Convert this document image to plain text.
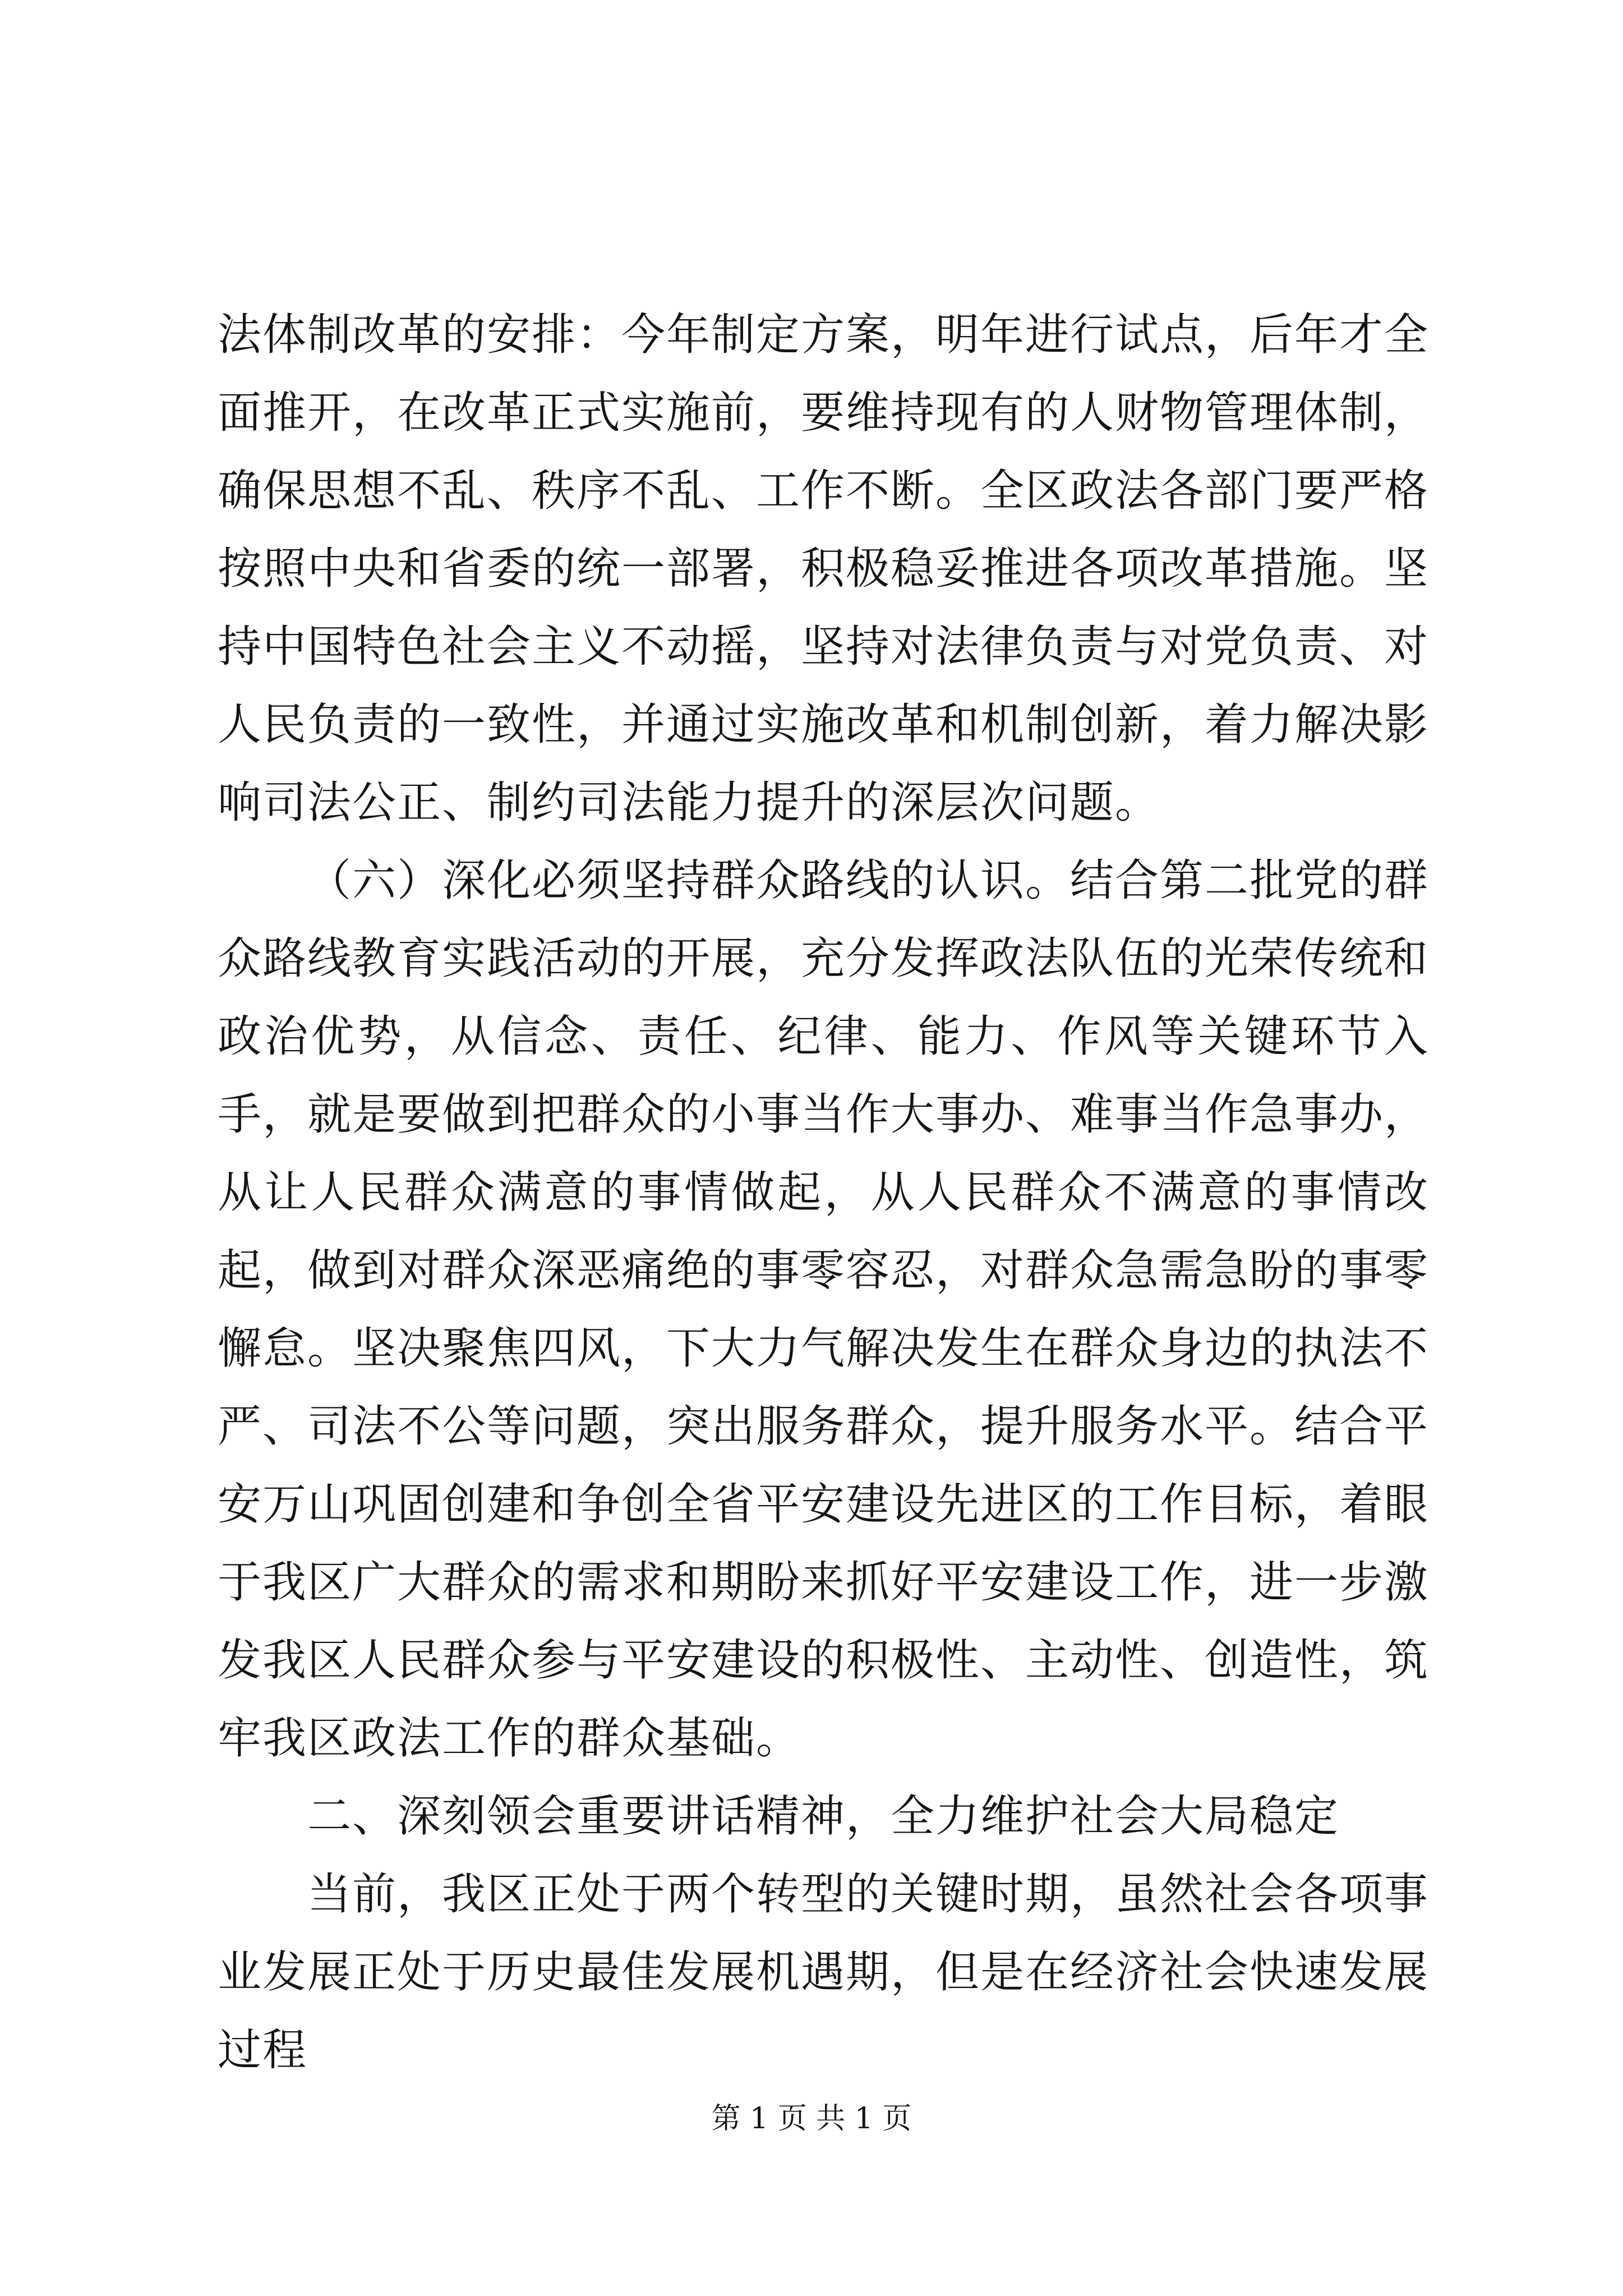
法体制改革的安排：今年制定方案，明年进行试点，后年才全面推开，在改革正式实施前，要维持现有的人财物管理体制，确保思想不乱、秩序不乱、工作不断。全区政法各部门要严格按照中央和省委的统一部署，积极稳妥推进各项改革措施。坚持中国特色社会主义不动摇，坚持对法律负责与对党负责、对人民负责的一致性，并通过实施改革和机制创新，着力解决影响司法公正、制约司法能力提升的深层次问题。

（六）深化必须坚持群众路线的认识。结合第二批党的群众路线教育实践活动的开展，充分发挥政法队伍的光荣传统和政治优势，从信念、责任、纪律、能力、作风等关键环节入手，就是要做到把群众的小事当作大事办、难事当作急事办，从让人民群众满意的事情做起，从人民群众不满意的事情改起，做到对群众深恶痛绝的事零容忍，对群众急需急盼的事零懈怠。坚决聚焦四风，下大力气解决发生在群众身边的执法不严、司法不公等问题，突出服务群众，提升服务水平。结合平安万山巩固创建和争创全省平安建设先进区的工作目标，着眼于我区广大群众的需求和期盼来抓好平安建设工作，进一步激发我区人民群众参与平安建设的积极性、主动性、创造性，筑牢我区政法工作的群众基础。

二、深刻领会重要讲话精神，全力维护社会大局稳定

当前，我区正处于两个转型的关键时期，虽然社会各项事业发展正处于历史最佳发展机遇期，但是在经济社会快速发展过程

第 1 页 共 1 页
